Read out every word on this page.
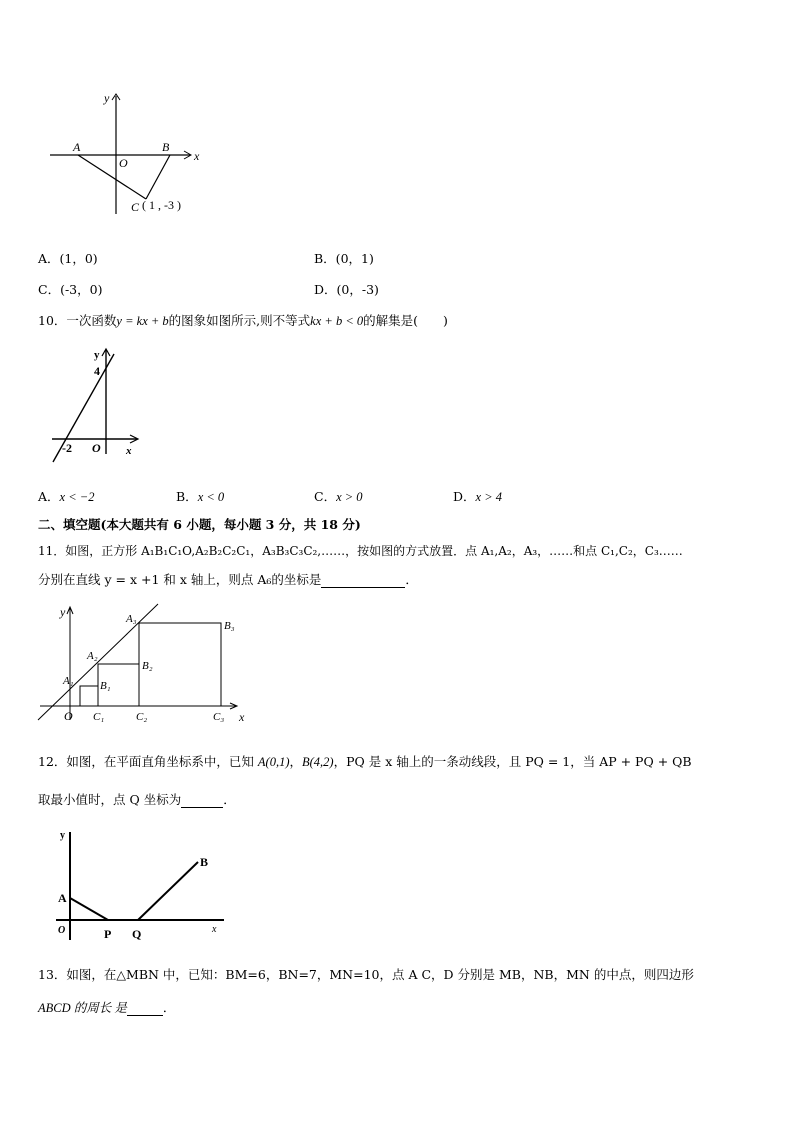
y
x
A
O
B
C ( 1 , -3 )
A．(1，0)	B．(0，1)
C．(-3，0)	D．(0，-3)
10．一次函数y = kx + b的图象如图所示,则不等式kx + b < 0的解集是(　　)
y
4
-2 O x
A．x < −2	B．x < 0	C．x > 0	D．x > 4
二、填空题(本大题共有 6 小题，每小题 3 分，共 18 分)
11．如图，正方形 A₁B₁C₁O,A₂B₂C₂C₁，A₃B₃C₃C₂,……，按如图的方式放置．点 A₁,A₂，A₃，……和点 C₁,C₂，C₃……
分别在直线 y = x +1 和 x 轴上，则点 A₆的坐标是	．
y
x
O
A₁
A₂
A₃
B₁
B₂
B₃
C₁	C₂	C₃
12．如图，在平面直角坐标系中，已知 A(0,1)，B(4,2)，PQ 是 x 轴上的一条动线段，且 PQ = 1，当 AP + PQ + QB
取最小值时，点 Q 坐标为	．
y
A
B
O	P Q	x
13．如图，在△MBN 中，已知：BM=6，BN=7，MN=10，点 A C，D 分别是 MB，NB，MN 的中点，则四边形
ABCD 的周长 是	．
